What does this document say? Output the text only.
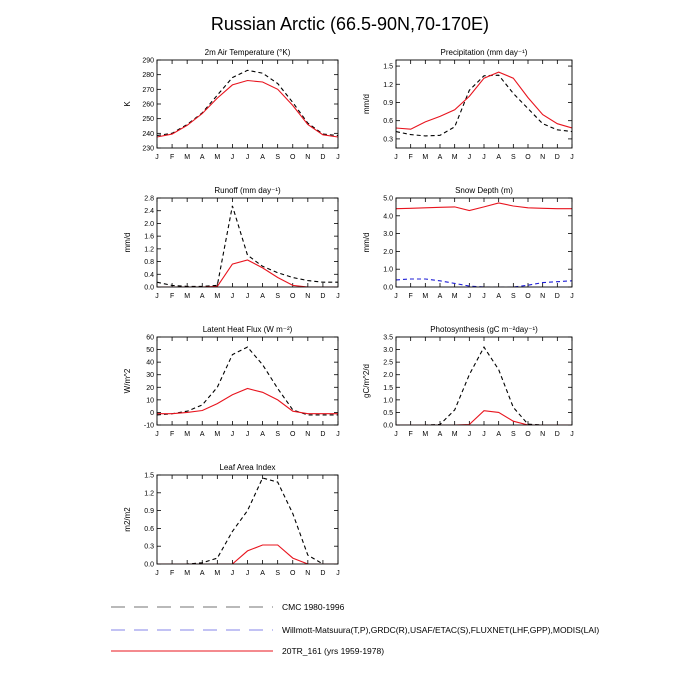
Russian Arctic (66.5-90N,70-170E)
2m Air Temperature (°K)
K
230
240
250
260
270
280
290
J F M A M J J A S O N D J
Precipitation (mm day⁻¹)
mm/d
0.3
0.6
0.9
1.2
1.5
J F M A M J J A S O N D J
Runoff (mm day⁻¹)
mm/d
0.0
0.4
0.8
1.2
1.6
2.0
2.4
2.8
J F M A M J J A S O N D J
Snow Depth (m)
mm/d
0.0
1.0
2.0
3.0
4.0
5.0
J F M A M J J A S O N D J
Latent Heat Flux (W m⁻²)
W/m^2
-10
0
10
20
30
40
50
60
J F M A M J J A S O N D J
Photosynthesis (gC m⁻²day⁻¹)
gC/m^2/d
0.0
0.5
1.0
1.5
2.0
2.5
3.0
3.5
J F M A M J J A S O N D J
Leaf Area Index
m2/m2
0.0
0.3
0.6
0.9
1.2
1.5
J F M A M J J A S O N D J
CMC 1980-1996
Willmott-Matsuura(T,P),GRDC(R),USAF/ETAC(S),FLUXNET(LHF,GPP),MODIS(LAI)
20TR_161 (yrs 1959-1978)
